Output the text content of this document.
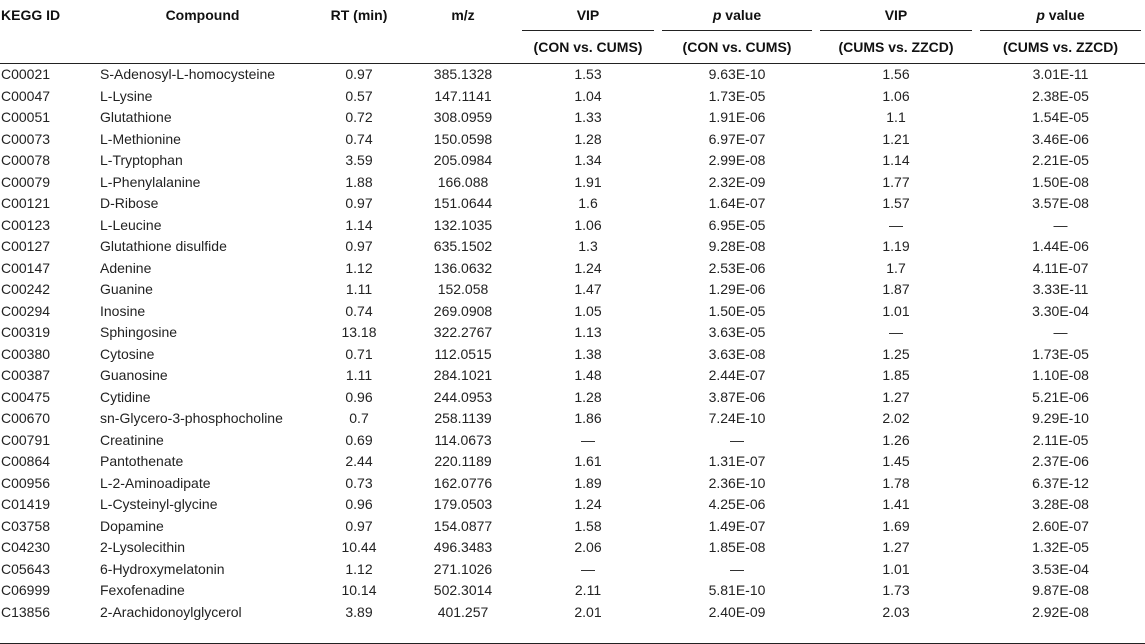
KEGG ID	Compound	RT (min)	m/z	VIP	p value	VIP	p value

				(CON vs. CUMS)	(CON vs. CUMS)	(CUMS vs. ZZCD)	(CUMS vs. ZZCD)
C00021	S-Adenosyl-L-homocysteine	0.97	385.1328	1.53	9.63E-10	1.56	3.01E-11
C00047	L-Lysine	0.57	147.1141	1.04	1.73E-05	1.06	2.38E-05
C00051	Glutathione	0.72	308.0959	1.33	1.91E-06	1.1	1.54E-05
C00073	L-Methionine	0.74	150.0598	1.28	6.97E-07	1.21	3.46E-06
C00078	L-Tryptophan	3.59	205.0984	1.34	2.99E-08	1.14	2.21E-05
C00079	L-Phenylalanine	1.88	166.088	1.91	2.32E-09	1.77	1.50E-08
C00121	D-Ribose	0.97	151.0644	1.6	1.64E-07	1.57	3.57E-08
C00123	L-Leucine	1.14	132.1035	1.06	6.95E-05	—	—
C00127	Glutathione disulfide	0.97	635.1502	1.3	9.28E-08	1.19	1.44E-06
C00147	Adenine	1.12	136.0632	1.24	2.53E-06	1.7	4.11E-07
C00242	Guanine	1.11	152.058	1.47	1.29E-06	1.87	3.33E-11
C00294	Inosine	0.74	269.0908	1.05	1.50E-05	1.01	3.30E-04
C00319	Sphingosine	13.18	322.2767	1.13	3.63E-05	—	—
C00380	Cytosine	0.71	112.0515	1.38	3.63E-08	1.25	1.73E-05
C00387	Guanosine	1.11	284.1021	1.48	2.44E-07	1.85	1.10E-08
C00475	Cytidine	0.96	244.0953	1.28	3.87E-06	1.27	5.21E-06
C00670	sn-Glycero-3-phosphocholine	0.7	258.1139	1.86	7.24E-10	2.02	9.29E-10
C00791	Creatinine	0.69	114.0673	—	—	1.26	2.11E-05
C00864	Pantothenate	2.44	220.1189	1.61	1.31E-07	1.45	2.37E-06
C00956	L-2-Aminoadipate	0.73	162.0776	1.89	2.36E-10	1.78	6.37E-12
C01419	L-Cysteinyl-glycine	0.96	179.0503	1.24	4.25E-06	1.41	3.28E-08
C03758	Dopamine	0.97	154.0877	1.58	1.49E-07	1.69	2.60E-07
C04230	2-Lysolecithin	10.44	496.3483	2.06	1.85E-08	1.27	1.32E-05
C05643	6-Hydroxymelatonin	1.12	271.1026	—	—	1.01	3.53E-04
C06999	Fexofenadine	10.14	502.3014	2.11	5.81E-10	1.73	9.87E-08
C13856	2-Arachidonoylglycerol	3.89	401.257	2.01	2.40E-09	2.03	2.92E-08
